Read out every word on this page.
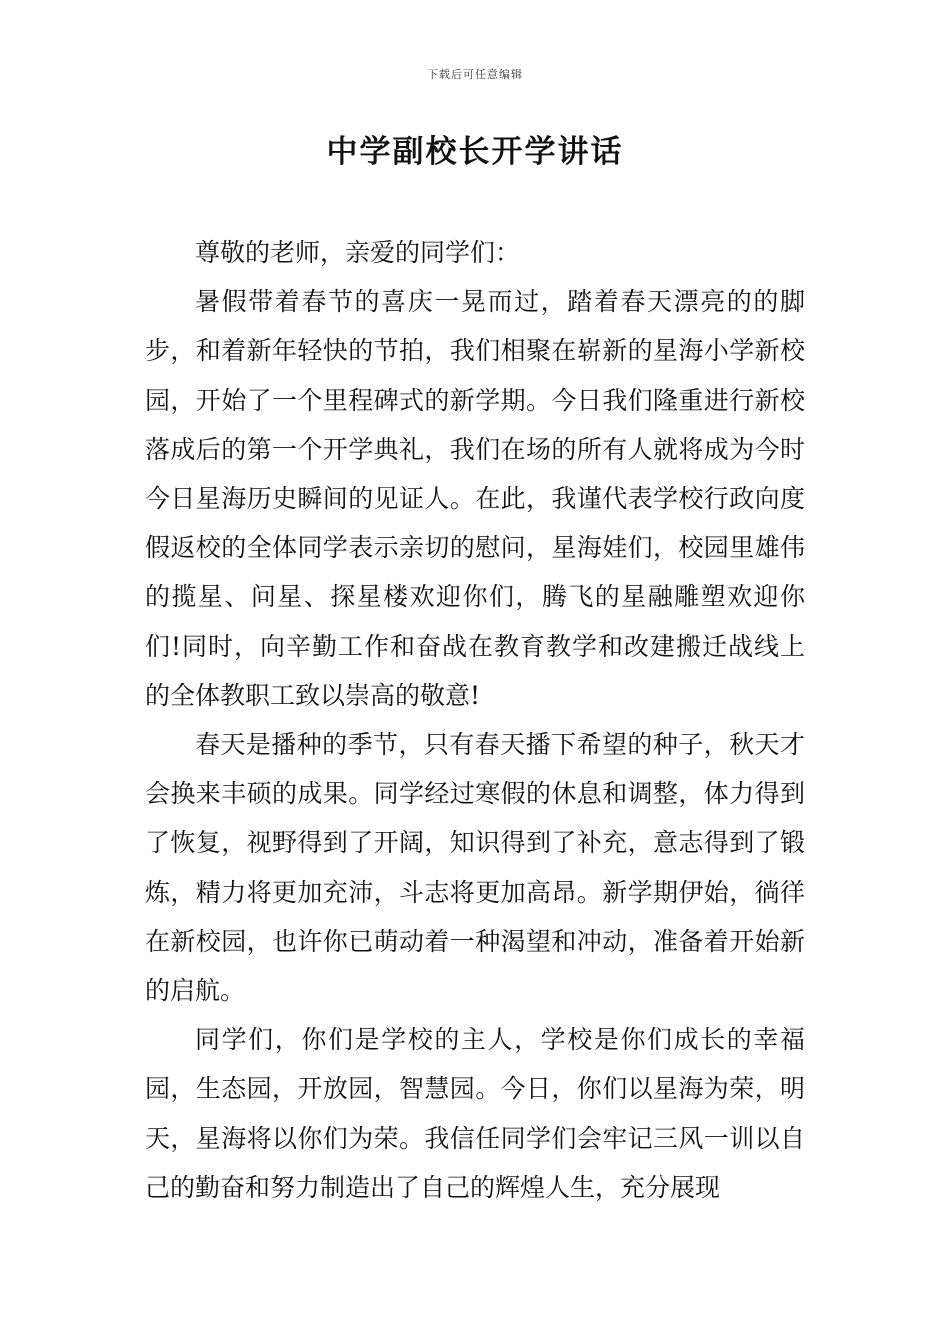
下载后可任意编辑
中学副校长开学讲话

尊敬的老师，亲爱的同学们：

暑假带着春节的喜庆一晃而过，踏着春天漂亮的的脚步，和着新年轻快的节拍，我们相聚在崭新的星海小学新校园，开始了一个里程碑式的新学期。今日我们隆重进行新校落成后的第一个开学典礼，我们在场的所有人就将成为今时今日星海历史瞬间的见证人。在此，我谨代表学校行政向度假返校的全体同学表示亲切的慰问，星海娃们，校园里雄伟的揽星、问星、探星楼欢迎你们，腾飞的星融雕塑欢迎你们!同时，向辛勤工作和奋战在教育教学和改建搬迁战线上的全体教职工致以崇高的敬意!

春天是播种的季节，只有春天播下希望的种子，秋天才会换来丰硕的成果。同学经过寒假的休息和调整，体力得到了恢复，视野得到了开阔，知识得到了补充，意志得到了锻炼，精力将更加充沛，斗志将更加高昂。新学期伊始，徜徉在新校园，也许你已萌动着一种渴望和冲动，准备着开始新的启航。

同学们，你们是学校的主人，学校是你们成长的幸福园，生态园，开放园，智慧园。今日，你们以星海为荣，明天，星海将以你们为荣。我信任同学们会牢记三风一训以自己的勤奋和努力制造出了自己的辉煌人生，充分展现
